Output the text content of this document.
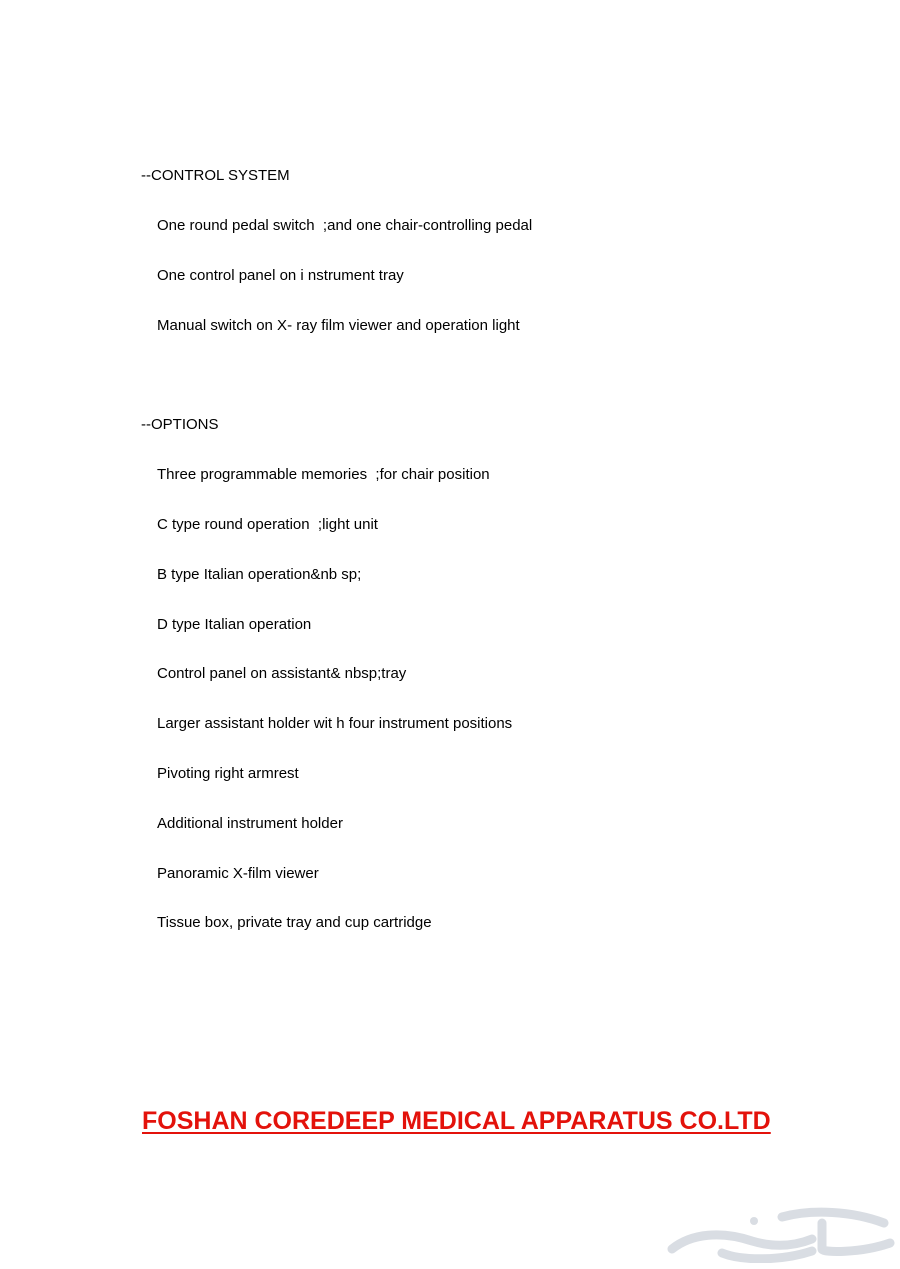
--CONTROL SYSTEM
One round pedal switch  ;and one chair-controlling pedal
One control panel on i nstrument tray
Manual switch on X- ray film viewer and operation light
--OPTIONS
Three programmable memories  ;for chair position
C type round operation  ;light unit
B type Italian operation&nb sp;
D type Italian operation
Control panel on assistant& nbsp;tray
Larger assistant holder wit h four instrument positions
Pivoting right armrest
Additional instrument holder
Panoramic X-film viewer
Tissue box, private tray and cup cartridge
FOSHAN COREDEEP MEDICAL APPARATUS CO.LTD
